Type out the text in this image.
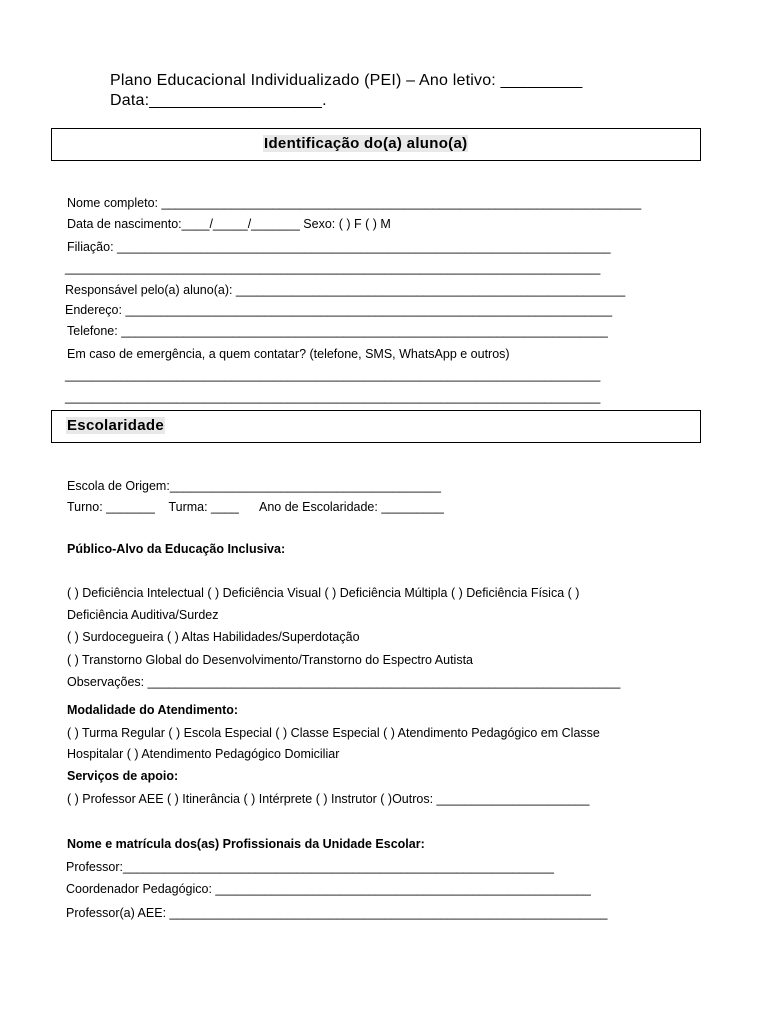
Plano Educacional Individualizado (PEI) – Ano letivo: _________
Data:___________________.
Identificação do(a) aluno(a)
Nome completo: _____________________________________________________________________
Data de nascimento:____/_____/_______ Sexo: ( ) F ( ) M
Filiação: _______________________________________________________________________
_____________________________________________________________________________
Responsável pelo(a) aluno(a): ________________________________________________________
Endereço: ______________________________________________________________________
Telefone: ______________________________________________________________________
Em caso de emergência, a quem contatar? (telefone, SMS, WhatsApp e outros)
_____________________________________________________________________________
_____________________________________________________________________________
Escolaridade
Escola de Origem:_______________________________________
Turno: _______    Turma: ____      Ano de Escolaridade: _________
Público-Alvo da Educação Inclusiva:
( ) Deficiência Intelectual ( ) Deficiência Visual ( ) Deficiência Múltipla ( ) Deficiência Física ( )
Deficiência Auditiva/Surdez
( ) Surdocegueira ( ) Altas Habilidades/Superdotação
( ) Transtorno Global do Desenvolvimento/Transtorno do Espectro Autista
Observações: ____________________________________________________________________
Modalidade do Atendimento:
( ) Turma Regular ( ) Escola Especial ( ) Classe Especial ( ) Atendimento Pedagógico em Classe
Hospitalar ( ) Atendimento Pedagógico Domiciliar
Serviços de apoio:
( ) Professor AEE ( ) Itinerância ( ) Intérprete ( ) Instrutor ( )Outros: ______________________
Nome e matrícula dos(as) Profissionais da Unidade Escolar:
Professor:______________________________________________________________
Coordenador Pedagógico: ______________________________________________________
Professor(a) AEE: _______________________________________________________________
